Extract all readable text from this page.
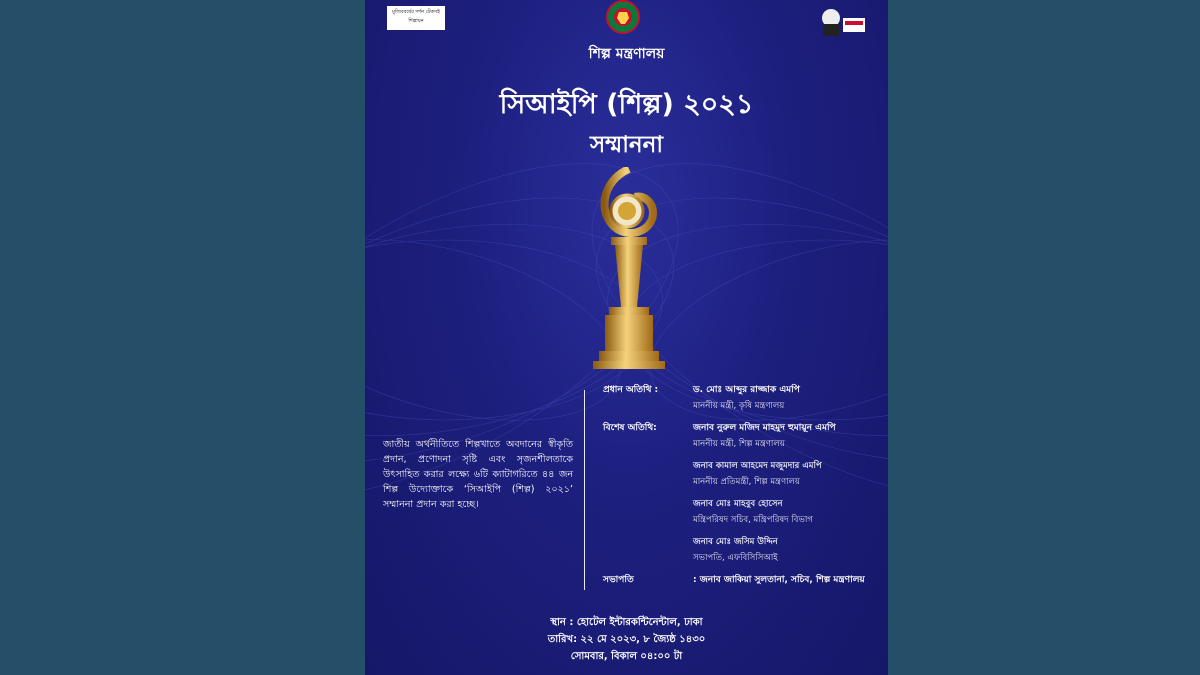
মুজিববর্ষের দর্শন টেকসই শিল্পায়ন
শিল্প মন্ত্রণালয়
সিআইপি (শিল্প) ২০২১
সম্মাননা
জাতীয় অর্থনীতিতে শিল্পখাতে অবদানের স্বীকৃতি প্রদান, প্রণোদনা সৃষ্টি এবং সৃজনশীলতাকে উৎসাহিত করার লক্ষ্যে ৬টি ক্যাটাগরিতে ৪৪ জন শিল্প উদ্যোক্তাকে ‘সিআইপি (শিল্প) ২০২১’ সম্মাননা প্রদান করা হচ্ছে।
প্রধান অতিথি :	ড. মোঃ আব্দুর রাজ্জাক এমপি
মাননীয় মন্ত্রী, কৃষি মন্ত্রণালয়
বিশেষ অতিথি:	জনাব নুরুল মজিদ মাহমুদ হুমায়ূন এমপি
মাননীয় মন্ত্রী, শিল্প মন্ত্রণালয়
জনাব কামাল আহমেদ মজুমদার এমপি
মাননীয় প্রতিমন্ত্রী, শিল্প মন্ত্রণালয়
জনাব মোঃ মাহবুব হোসেন
মন্ত্রিপরিষদ সচিব, মন্ত্রিপরিষদ বিভাগ
জনাব মোঃ জসিম উদ্দিন
সভাপতি, এফবিসিসিআই
সভাপতি	: জনাব জাকিয়া সুলতানা, সচিব, শিল্প মন্ত্রণালয়
স্থান : হোটেল ইন্টারকন্টিনেন্টাল, ঢাকা
তারিখ: ২২ মে ২০২৩, ৮ জ্যৈষ্ঠ ১৪৩০
সোমবার, বিকাল ০৪:০০ টা
